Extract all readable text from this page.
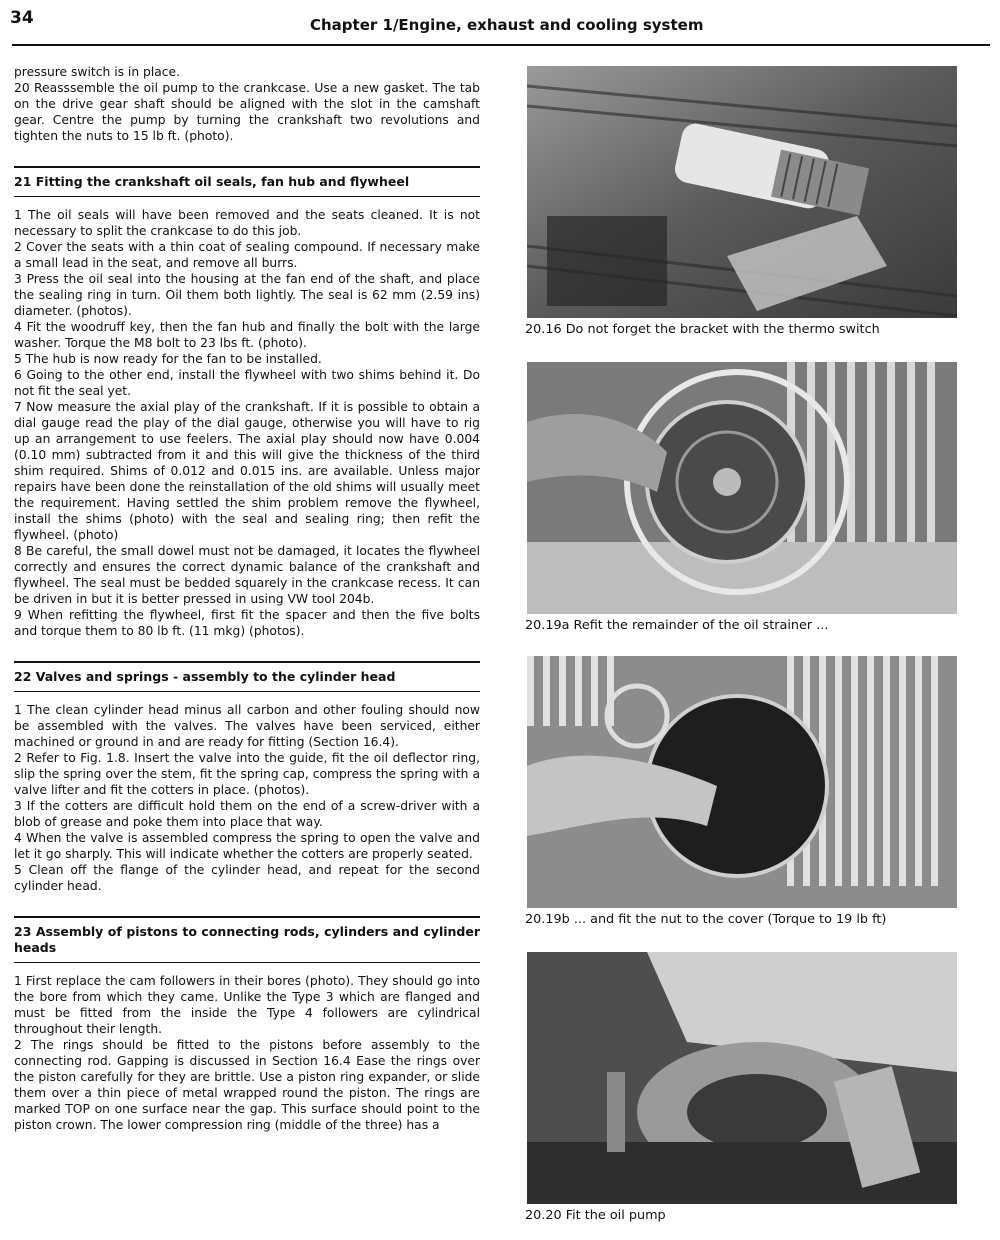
34	Chapter 1/Engine, exhaust and cooling system

pressure switch is in place.

20 Reasssemble the oil pump to the crankcase. Use a new gasket. The tab on the drive gear shaft should be aligned with the slot in the camshaft gear. Centre the pump by turning the crankshaft two revolutions and tighten the nuts to 15 lb ft. (photo).

21 Fitting the crankshaft oil seals, fan hub and flywheel

1 The oil seals will have been removed and the seats cleaned. It is not necessary to split the crankcase to do this job.

2 Cover the seats with a thin coat of sealing compound. If necessary make a small lead in the seat, and remove all burrs.

3 Press the oil seal into the housing at the fan end of the shaft, and place the sealing ring in turn. Oil them both lightly. The seal is 62 mm (2.59 ins) diameter. (photos).

4 Fit the woodruff key, then the fan hub and finally the bolt with the large washer. Torque the M8 bolt to 23 lbs ft. (photo).

5 The hub is now ready for the fan to be installed.

6 Going to the other end, install the flywheel with two shims behind it. Do not fit the seal yet.

7 Now measure the axial play of the crankshaft. If it is possible to obtain a dial gauge read the play of the dial gauge, otherwise you will have to rig up an arrangement to use feelers. The axial play should now have 0.004 (0.10 mm) subtracted from it and this will give the thickness of the third shim required. Shims of 0.012 and 0.015 ins. are available. Unless major repairs have been done the reinstallation of the old shims will usually meet the requirement. Having settled the shim problem remove the flywheel, install the shims (photo) with the seal and sealing ring; then refit the flywheel. (photo)

8 Be careful, the small dowel must not be damaged, it locates the flywheel correctly and ensures the correct dynamic balance of the crankshaft and flywheel. The seal must be bedded squarely in the crankcase recess. It can be driven in but it is better pressed in using VW tool 204b.

9 When refitting the flywheel, first fit the spacer and then the five bolts and torque them to 80 lb ft. (11 mkg) (photos).

22 Valves and springs - assembly to the cylinder head

1 The clean cylinder head minus all carbon and other fouling should now be assembled with the valves. The valves have been serviced, either machined or ground in and are ready for fitting (Section 16.4).

2 Refer to Fig. 1.8. Insert the valve into the guide, fit the oil deflector ring, slip the spring over the stem, fit the spring cap, compress the spring with a valve lifter and fit the cotters in place. (photos).

3 If the cotters are difficult hold them on the end of a screw-driver with a blob of grease and poke them into place that way.

4 When the valve is assembled compress the spring to open the valve and let it go sharply. This will indicate whether the cotters are properly seated.

5 Clean off the flange of the cylinder head, and repeat for the second cylinder head.

23 Assembly of pistons to connecting rods, cylinders and cylinder heads

1 First replace the cam followers in their bores (photo). They should go into the bore from which they came. Unlike the Type 3 which are flanged and must be fitted from the inside the Type 4 followers are cylindrical throughout their length.

2 The rings should be fitted to the pistons before assembly to the connecting rod. Gapping is discussed in Section 16.4 Ease the rings over the piston carefully for they are brittle. Use a piston ring expander, or slide them over a thin piece of metal wrapped round the piston. The rings are marked TOP on one surface near the gap. This surface should point to the piston crown. The lower compression ring (middle of the three) has a

20.16 Do not forget the bracket with the thermo switch
20.19a Refit the remainder of the oil strainer ...
20.19b ... and fit the nut to the cover (Torque to 19 lb ft)
20.20 Fit the oil pump
